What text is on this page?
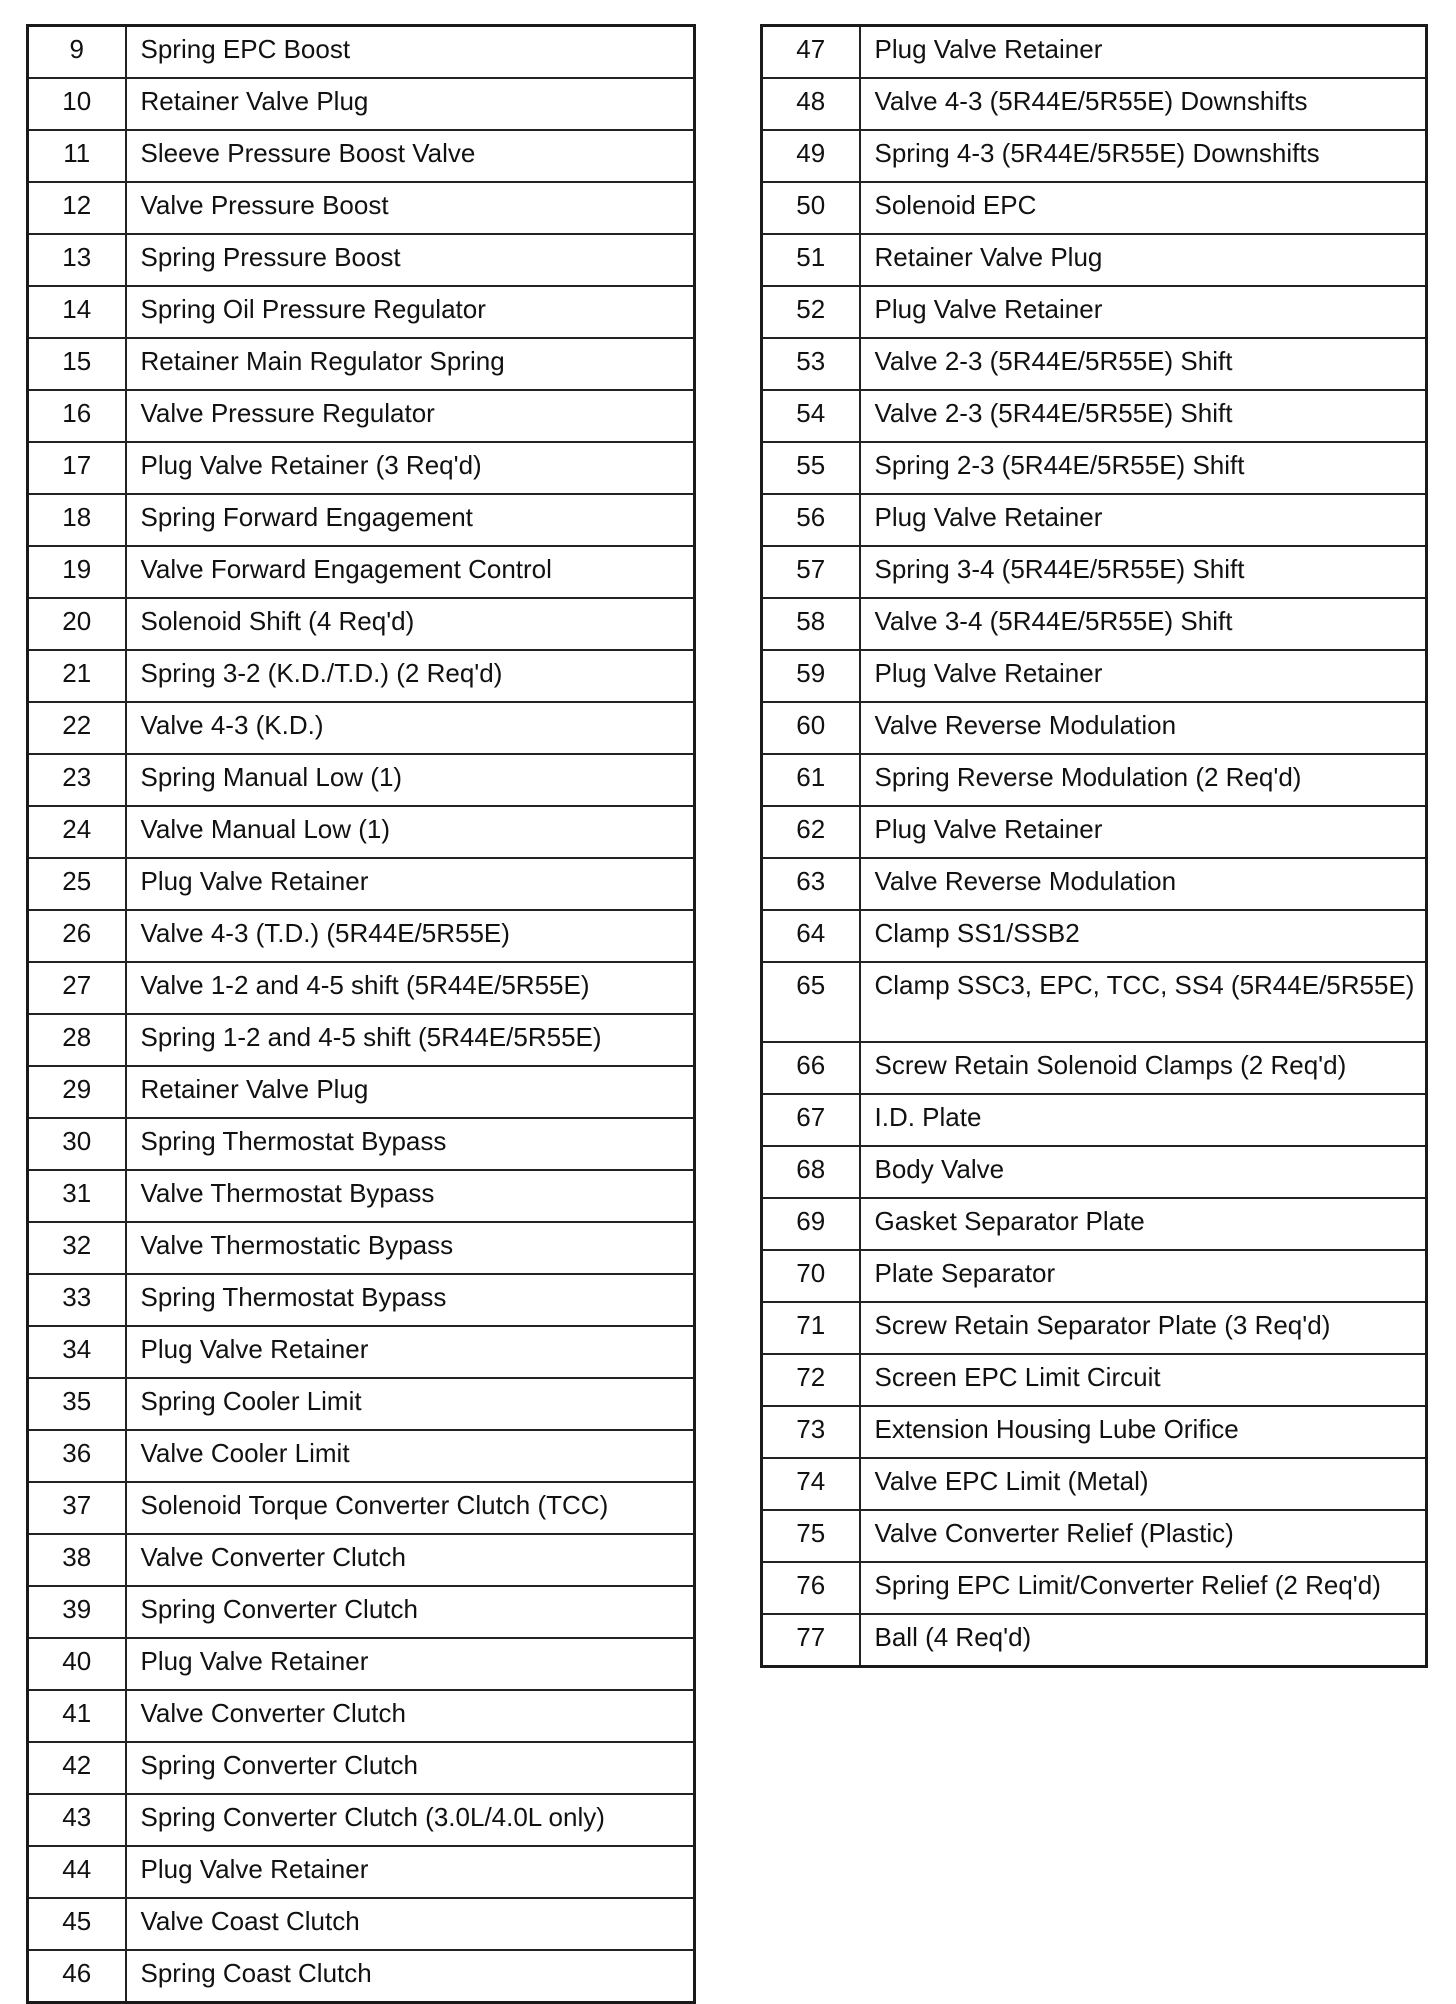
9	Spring EPC Boost
10	Retainer Valve Plug
11	Sleeve Pressure Boost Valve
12	Valve Pressure Boost
13	Spring Pressure Boost
14	Spring Oil Pressure Regulator
15	Retainer Main Regulator Spring
16	Valve Pressure Regulator
17	Plug Valve Retainer (3 Req'd)
18	Spring Forward Engagement
19	Valve Forward Engagement Control
20	Solenoid Shift (4 Req'd)
21	Spring 3-2 (K.D./T.D.) (2 Req'd)
22	Valve 4-3 (K.D.)
23	Spring Manual Low (1)
24	Valve Manual Low (1)
25	Plug Valve Retainer
26	Valve 4-3 (T.D.) (5R44E/5R55E)
27	Valve 1-2 and 4-5 shift (5R44E/5R55E)
28	Spring 1-2 and 4-5 shift (5R44E/5R55E)
29	Retainer Valve Plug
30	Spring Thermostat Bypass
31	Valve Thermostat Bypass
32	Valve Thermostatic Bypass
33	Spring Thermostat Bypass
34	Plug Valve Retainer
35	Spring Cooler Limit
36	Valve Cooler Limit
37	Solenoid Torque Converter Clutch (TCC)
38	Valve Converter Clutch
39	Spring Converter Clutch
40	Plug Valve Retainer
41	Valve Converter Clutch
42	Spring Converter Clutch
43	Spring Converter Clutch (3.0L/4.0L only)
44	Plug Valve Retainer
45	Valve Coast Clutch
46	Spring Coast Clutch
47	Plug Valve Retainer
48	Valve 4-3 (5R44E/5R55E) Downshifts
49	Spring 4-3 (5R44E/5R55E) Downshifts
50	Solenoid EPC
51	Retainer Valve Plug
52	Plug Valve Retainer
53	Valve 2-3 (5R44E/5R55E) Shift
54	Valve 2-3 (5R44E/5R55E) Shift
55	Spring 2-3 (5R44E/5R55E) Shift
56	Plug Valve Retainer
57	Spring 3-4 (5R44E/5R55E) Shift
58	Valve 3-4 (5R44E/5R55E) Shift
59	Plug Valve Retainer
60	Valve Reverse Modulation
61	Spring Reverse Modulation (2 Req'd)
62	Plug Valve Retainer
63	Valve Reverse Modulation
64	Clamp SS1/SSB2
65	Clamp SSC3, EPC, TCC, SS4 (5R44E/5R55E)
66	Screw Retain Solenoid Clamps (2 Req'd)
67	I.D. Plate
68	Body Valve
69	Gasket Separator Plate
70	Plate Separator
71	Screw Retain Separator Plate (3 Req'd)
72	Screen EPC Limit Circuit
73	Extension Housing Lube Orifice
74	Valve EPC Limit (Metal)
75	Valve Converter Relief (Plastic)
76	Spring EPC Limit/Converter Relief (2 Req'd)
77	Ball (4 Req'd)
